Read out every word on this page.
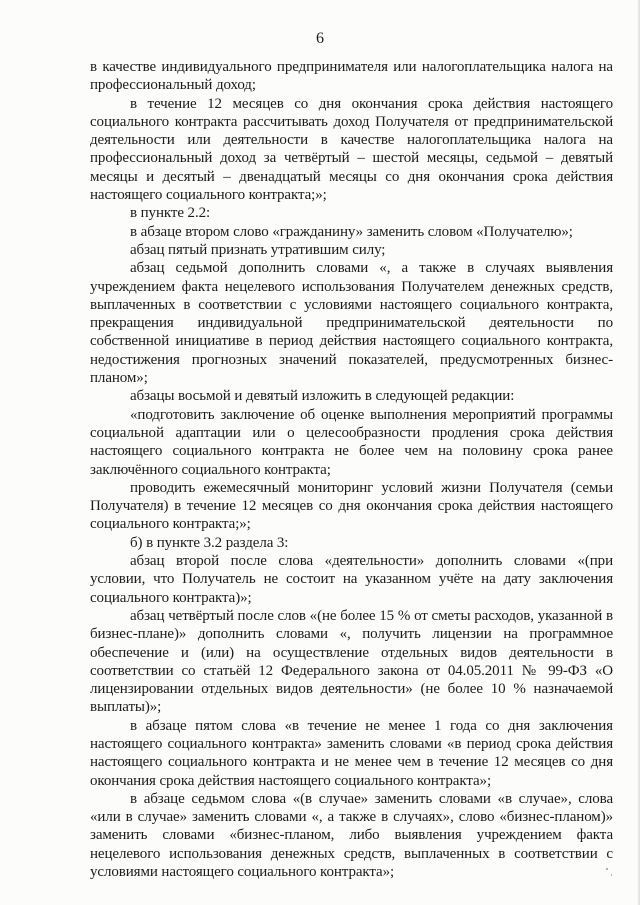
6

в качестве индивидуального предпринимателя или налогоплательщика налога на профессиональный доход;

в течение 12 месяцев со дня окончания срока действия настоящего социального контракта рассчитывать доход Получателя от предпринимательской деятельности или деятельности в качестве налогоплательщика налога на профессиональный доход за четвёртый – шестой месяцы, седьмой – девятый месяцы и десятый – двенадцатый месяцы со дня окончания срока действия настоящего социального контракта;»;

в пункте 2.2:

в абзаце втором слово «гражданину» заменить словом «Получателю»;

абзац пятый признать утратившим силу;

абзац седьмой дополнить словами «, а также в случаях выявления учреждением факта нецелевого использования Получателем денежных средств, выплаченных в соответствии с условиями настоящего социального контракта, прекращения индивидуальной предпринимательской деятельности по собственной инициативе в период действия настоящего социального контракта, недостижения прогнозных значений показателей, предусмотренных бизнес-планом»;

абзацы восьмой и девятый изложить в следующей редакции:

«подготовить заключение об оценке выполнения мероприятий программы социальной адаптации или о целесообразности продления срока действия настоящего социального контракта не более чем на половину срока ранее заключённого социального контракта;

проводить ежемесячный мониторинг условий жизни Получателя (семьи Получателя) в течение 12 месяцев со дня окончания срока действия настоящего социального контракта;»;

б) в пункте 3.2 раздела 3:

абзац второй после слова «деятельности» дополнить словами «(при условии, что Получатель не состоит на указанном учёте на дату заключения социального контракта)»;

абзац четвёртый после слов «(не более 15 % от сметы расходов, указанной в бизнес-плане)» дополнить словами «, получить лицензии на программное обеспечение и (или) на осуществление отдельных видов деятельности в соответствии со статьёй 12 Федерального закона от 04.05.2011 № 99-ФЗ «О лицензировании отдельных видов деятельности» (не более 10 % назначаемой выплаты)»;

в абзаце пятом слова «в течение не менее 1 года со дня заключения настоящего социального контракта» заменить словами «в период срока действия настоящего социального контракта и не менее чем в течение 12 месяцев со дня окончания срока действия настоящего социального контракта»;

в абзаце седьмом слова «(в случае» заменить словами «в случае», слова «или в случае» заменить словами «, а также в случаях», слово «бизнес-планом)» заменить словами «бизнес-планом, либо выявления учреждением факта нецелевого использования денежных средств, выплаченных в соответствии с условиями настоящего социального контракта»;
